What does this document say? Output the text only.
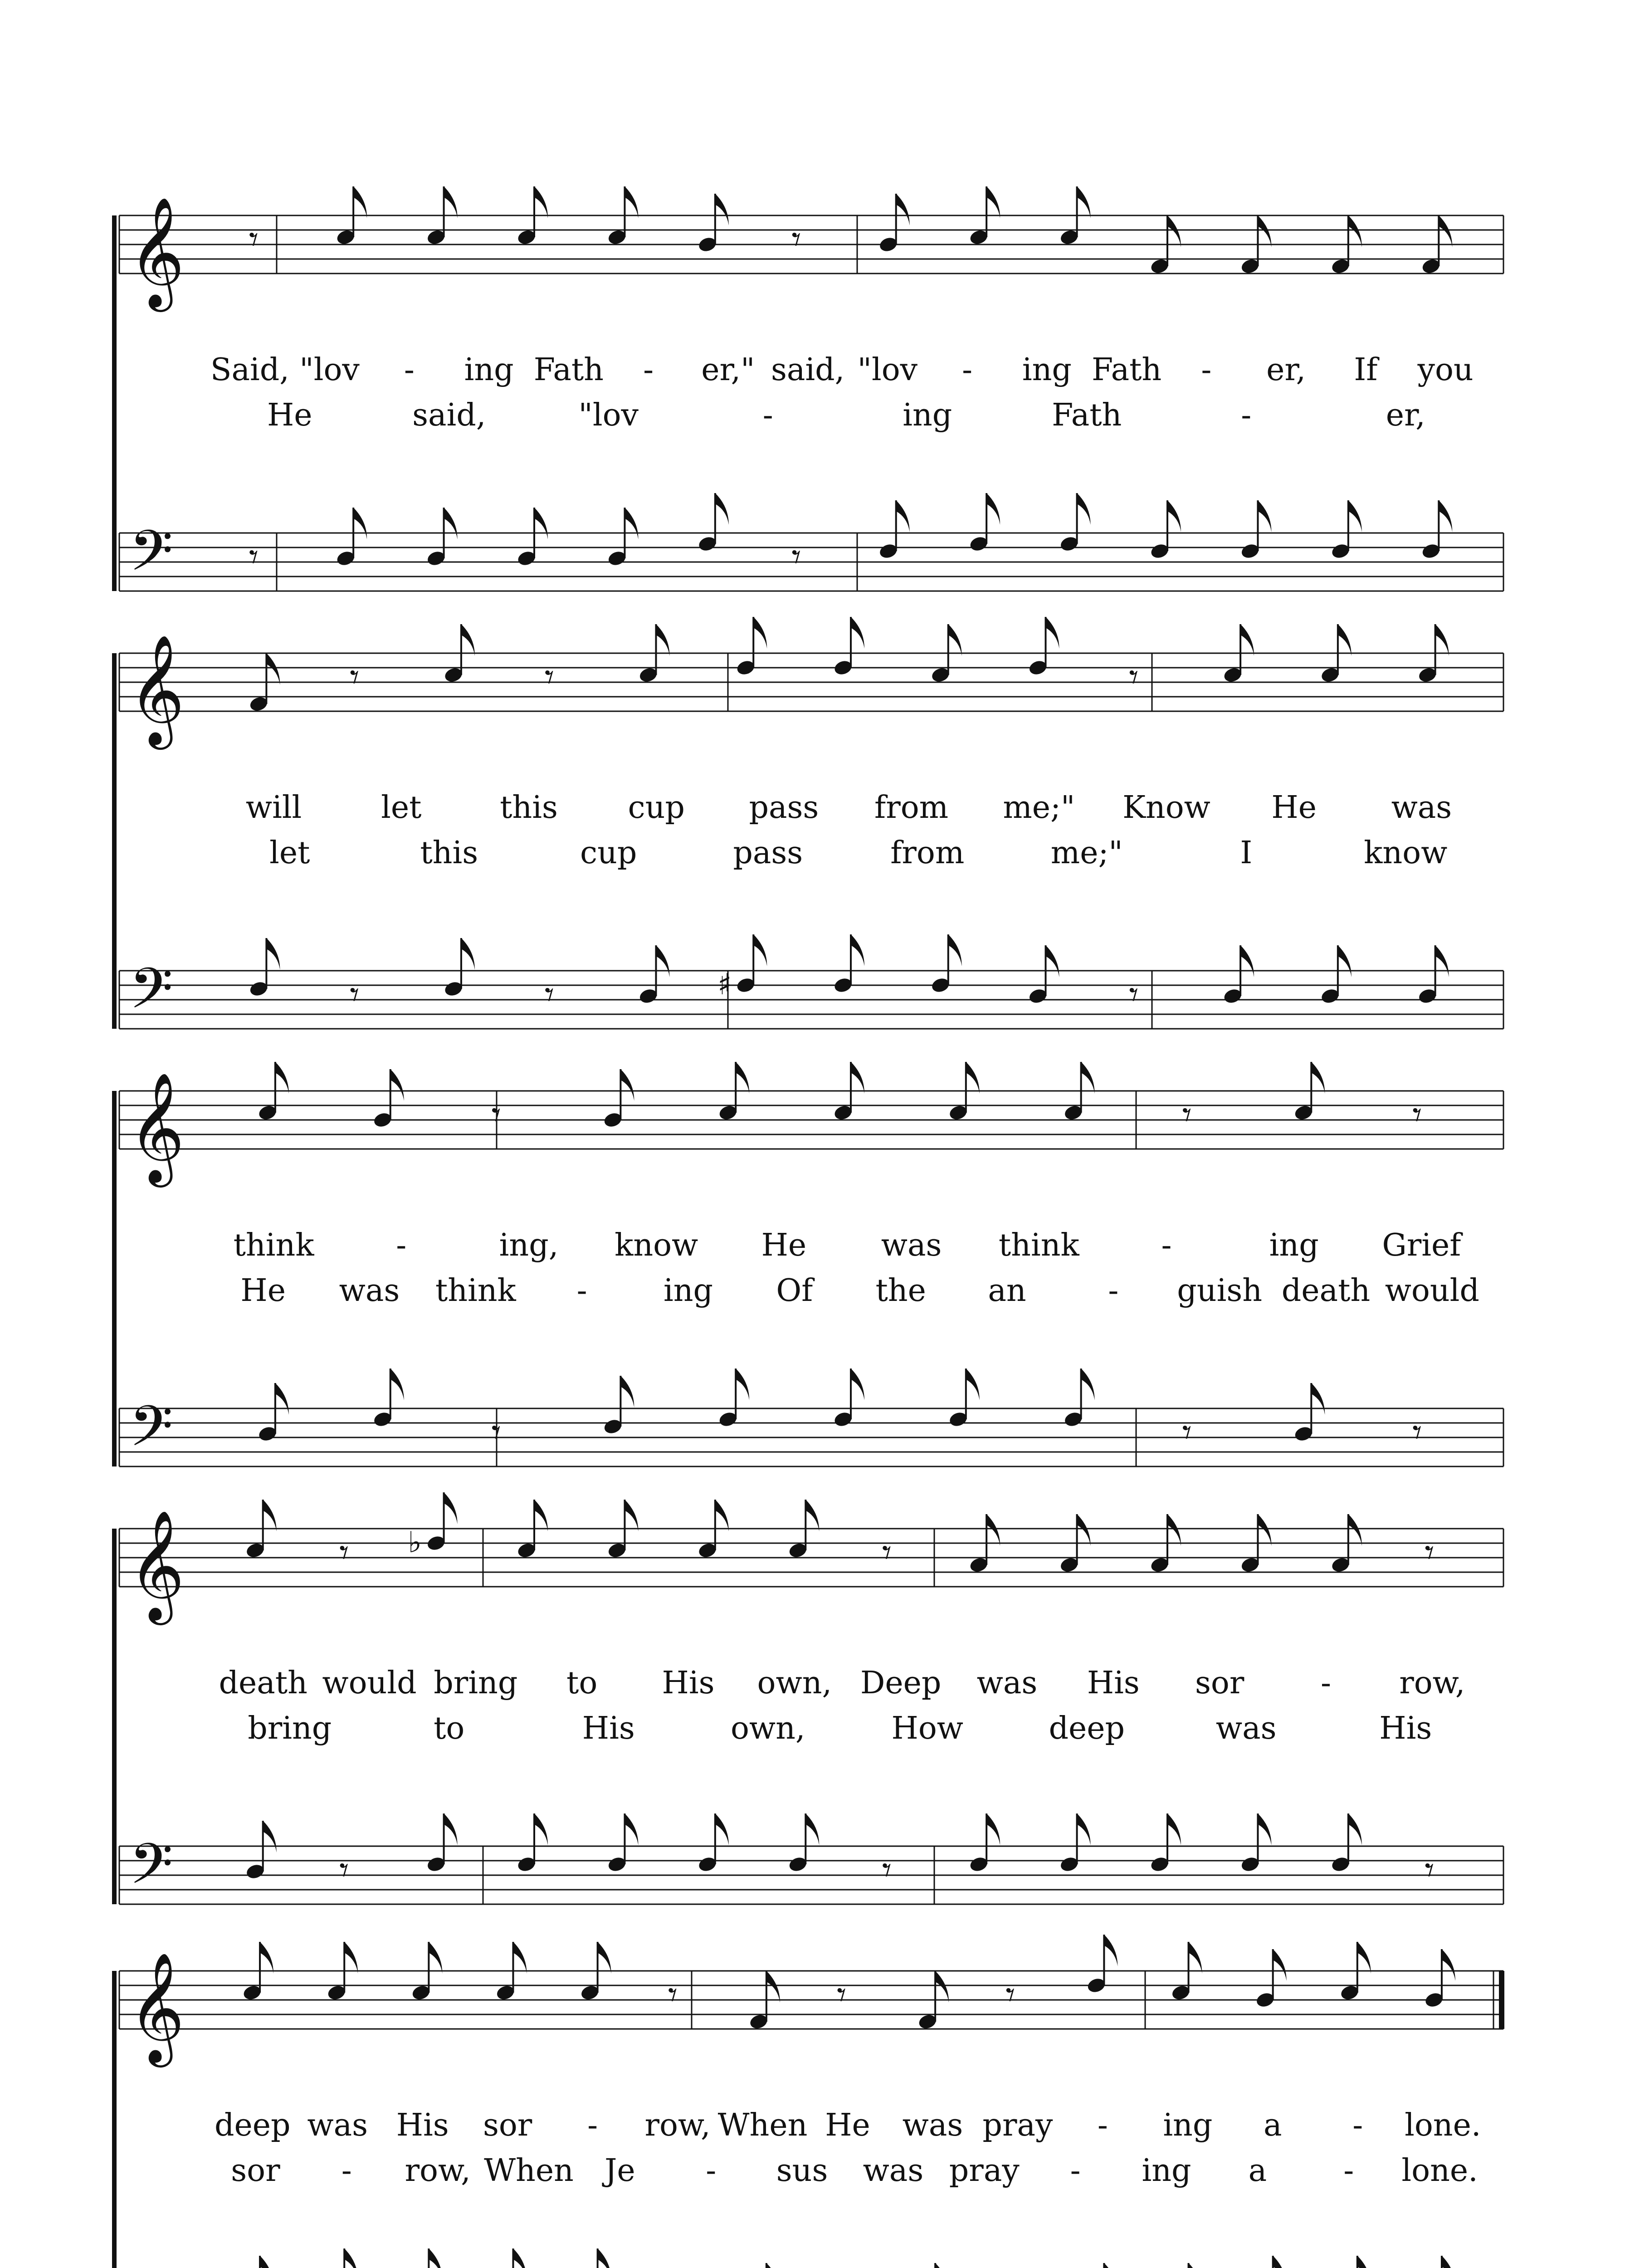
𝄞
𝄢
𝄾	𝄾
𝄾	𝄾
Said, "lov - ing Fath - er," said, "lov - ing Fath - er, If you
He	said,	"lov	-	ing	Fath	-	er,
𝄞
𝄢
𝄾	𝄾	𝄾
𝄾	𝄾	♯	𝄾
will	let	this cup pass from me;" Know He was
let	this	cup	pass	from	me;"	I	know
𝄞
𝄢
𝄾	𝄾	𝄾
𝄾	𝄾	𝄾
think	-	ing, know He was think	-	ing Grief
He was think - ing Of the an	- guish death would
𝄞
𝄢
𝄾 ♭	𝄾	𝄾
𝄾	𝄾	𝄾
death would bring to His own, Deep was His sor - row,
bring	to	His	own,	How	deep	was	His
𝄞	𝄾	𝄾	𝄾
deep was His sor - row, When He was pray - ing a - lone.
sor - row, When Je - sus was pray - ing a - lone.
